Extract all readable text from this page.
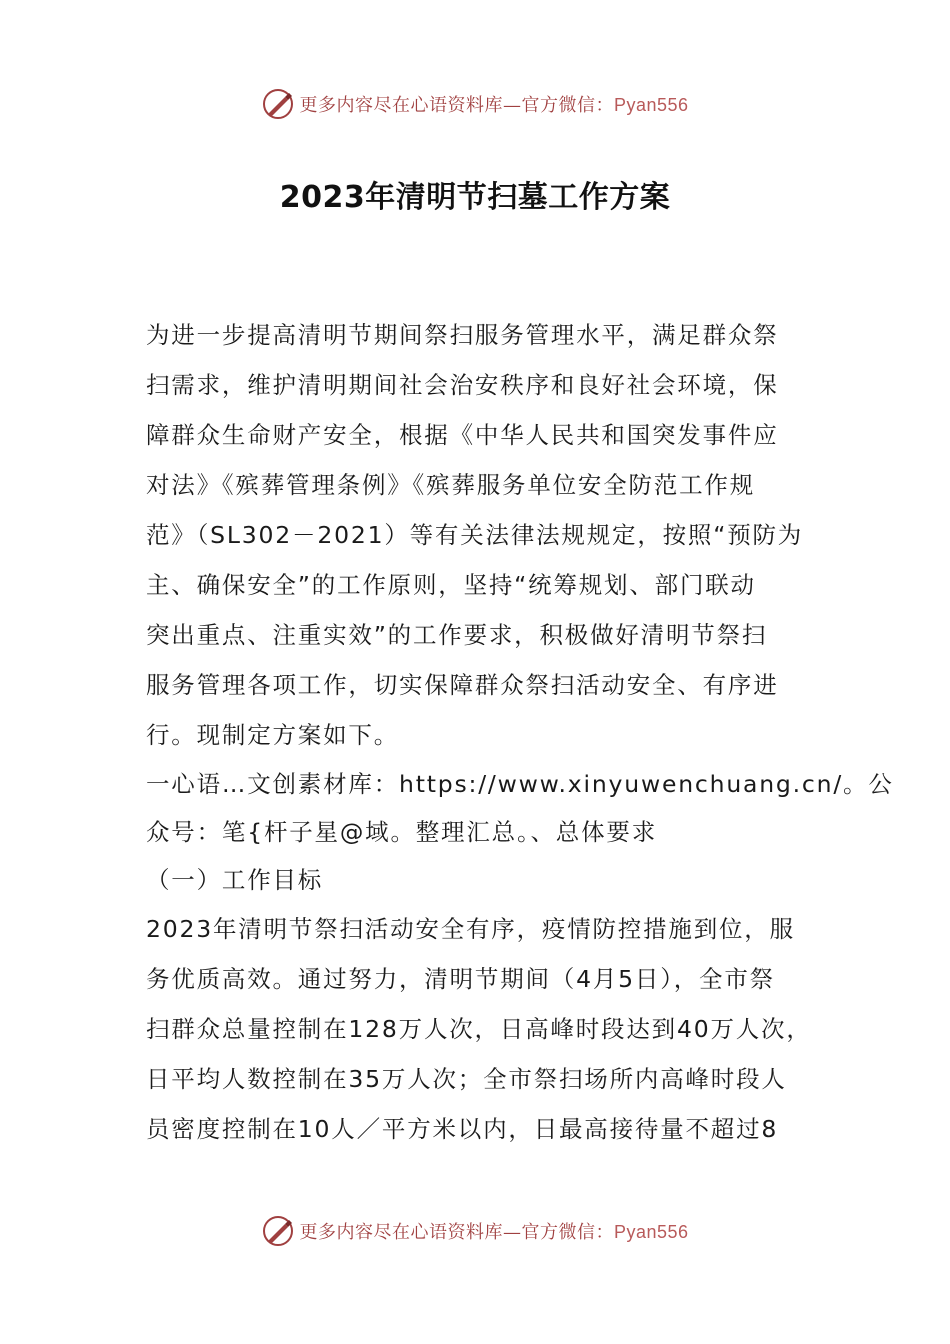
更多内容尽在心语资料库—官方微信：Pyan556
2023年清明节扫墓工作方案
为进一步提高清明节期间祭扫服务管理水平，满足群众祭
扫需求，维护清明期间社会治安秩序和良好社会环境，保
障群众生命财产安全，根据《中华人民共和国突发事件应
对法》《殡葬管理条例》《殡葬服务单位安全防范工作规
范》（SL302－2021）等有关法律法规规定，按照“预防为
主、确保安全”的工作原则，坚持“统筹规划、部门联动
突出重点、注重实效”的工作要求，积极做好清明节祭扫
服务管理各项工作，切实保障群众祭扫活动安全、有序进
行。现制定方案如下。
一心语…文创素材库：https://www.xinyuwenchuang.cn/。公
众号：笔{杆子星@域。整理汇总。、总体要求
（一）工作目标
2023年清明节祭扫活动安全有序，疫情防控措施到位，服
务优质高效。通过努力，清明节期间（4月5日），全市祭
扫群众总量控制在128万人次，日高峰时段达到40万人次，
日平均人数控制在35万人次；全市祭扫场所内高峰时段人
员密度控制在10人／平方米以内，日最高接待量不超过8
更多内容尽在心语资料库—官方微信：Pyan556
